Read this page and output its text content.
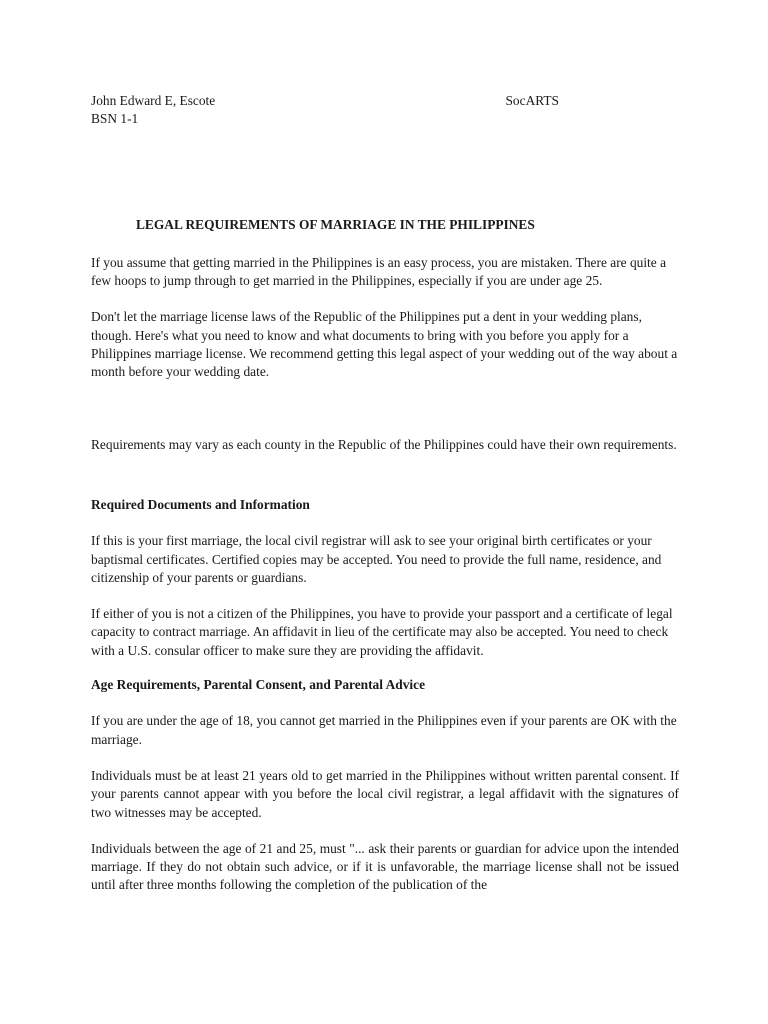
John Edward E, Escote	SocARTS

BSN 1-1

LEGAL REQUIREMENTS OF MARRIAGE IN THE PHILIPPINES

If you assume that getting married in the Philippines is an easy process, you are mistaken. There are quite a few hoops to jump through to get married in the Philippines, especially if you are under age 25.

Don't let the marriage license laws of the Republic of the Philippines put a dent in your wedding plans, though. Here's what you need to know and what documents to bring with you before you apply for a Philippines marriage license. We recommend getting this legal aspect of your wedding out of the way about a month before your wedding date.

Requirements may vary as each county in the Republic of the Philippines could have their own requirements.

Required Documents and Information

If this is your first marriage, the local civil registrar will ask to see your original birth certificates or your baptismal certificates. Certified copies may be accepted. You need to provide the full name, residence, and citizenship of your parents or guardians.

If either of you is not a citizen of the Philippines, you have to provide your passport and a certificate of legal capacity to contract marriage. An affidavit in lieu of the certificate may also be accepted. You need to check with a U.S. consular officer to make sure they are providing the affidavit.

Age Requirements, Parental Consent, and Parental Advice

If you are under the age of 18, you cannot get married in the Philippines even if your parents are OK with the marriage.

Individuals must be at least 21 years old to get married in the Philippines without written parental consent. If your parents cannot appear with you before the local civil registrar, a legal affidavit with the signatures of two witnesses may be accepted.

Individuals between the age of 21 and 25, must "... ask their parents or guardian for advice upon the intended marriage. If they do not obtain such advice, or if it is unfavorable, the marriage license shall not be issued until after three months following the completion of the publication of the
